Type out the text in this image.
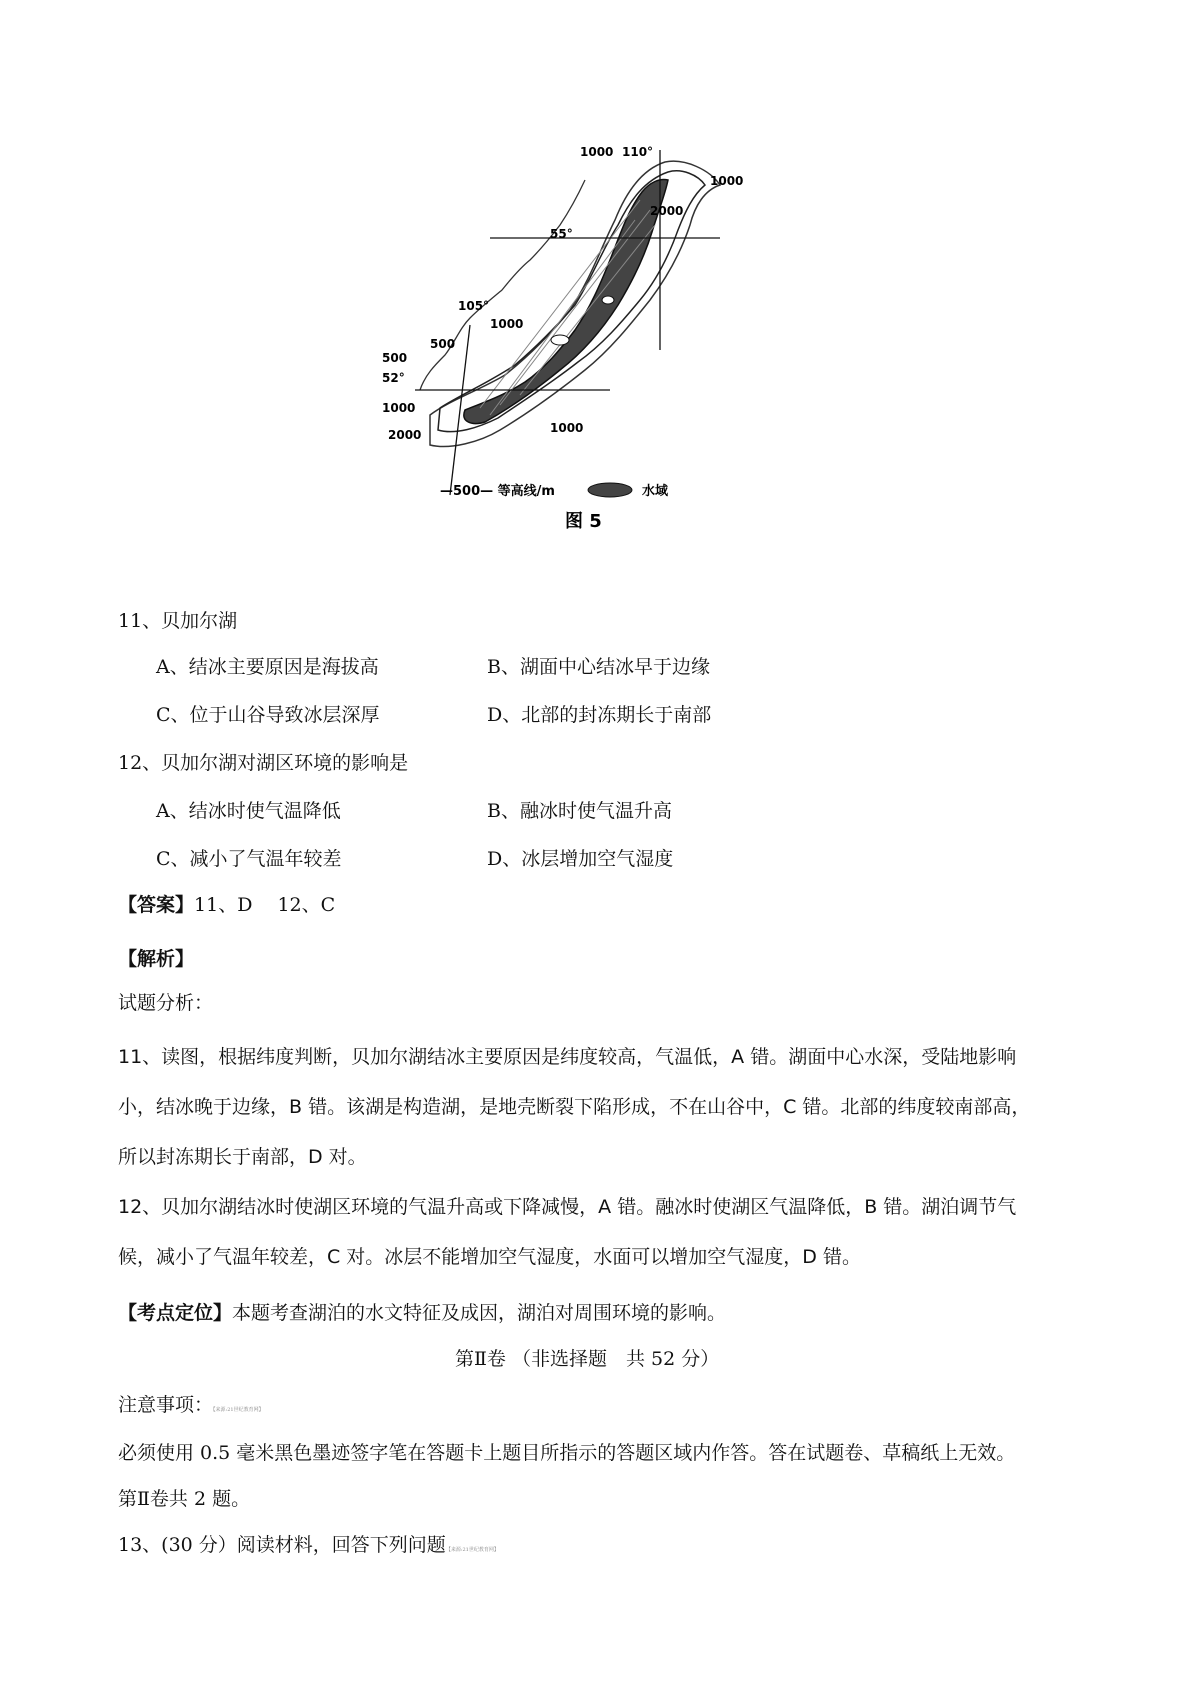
1000 110°
1000
2000
55°
105°
500
1000
500
52°
1000
1000
2000
—500— 等高线/m	水域
图 5
11、贝加尔湖
A、结冰主要原因是海拔高	B、湖面中心结冰早于边缘
C、位于山谷导致冰层深厚	D、北部的封冻期长于南部
12、贝加尔湖对湖区环境的影响是
A、结冰时使气温降低	B、融冰时使气温升高
C、减小了气温年较差	D、冰层增加空气湿度
【答案】11、D　 12、C
【解析】
试题分析：
11、读图，根据纬度判断，贝加尔湖结冰主要原因是纬度较高，气温低，A 错。湖面中心水深，受陆地影响
小，结冰晚于边缘，B 错。该湖是构造湖，是地壳断裂下陷形成，不在山谷中，C 错。北部的纬度较南部高，
所以封冻期长于南部，D 对。
12、贝加尔湖结冰时使湖区环境的气温升高或下降减慢，A 错。融冰时使湖区气温降低，B 错。湖泊调节气
候，减小了气温年较差，C 对。冰层不能增加空气湿度，水面可以增加空气湿度，D 错。
【考点定位】本题考查湖泊的水文特征及成因，湖泊对周围环境的影响。
第Ⅱ卷 （非选择题　共 52 分）
注意事项：【来源:21世纪教育网】
必须使用 0.5 毫米黑色墨迹签字笔在答题卡上题目所指示的答题区域内作答。答在试题卷、草稿纸上无效。
第Ⅱ卷共 2 题。
13、(30 分）阅读材料，回答下列问题【来源:21世纪教育网】
